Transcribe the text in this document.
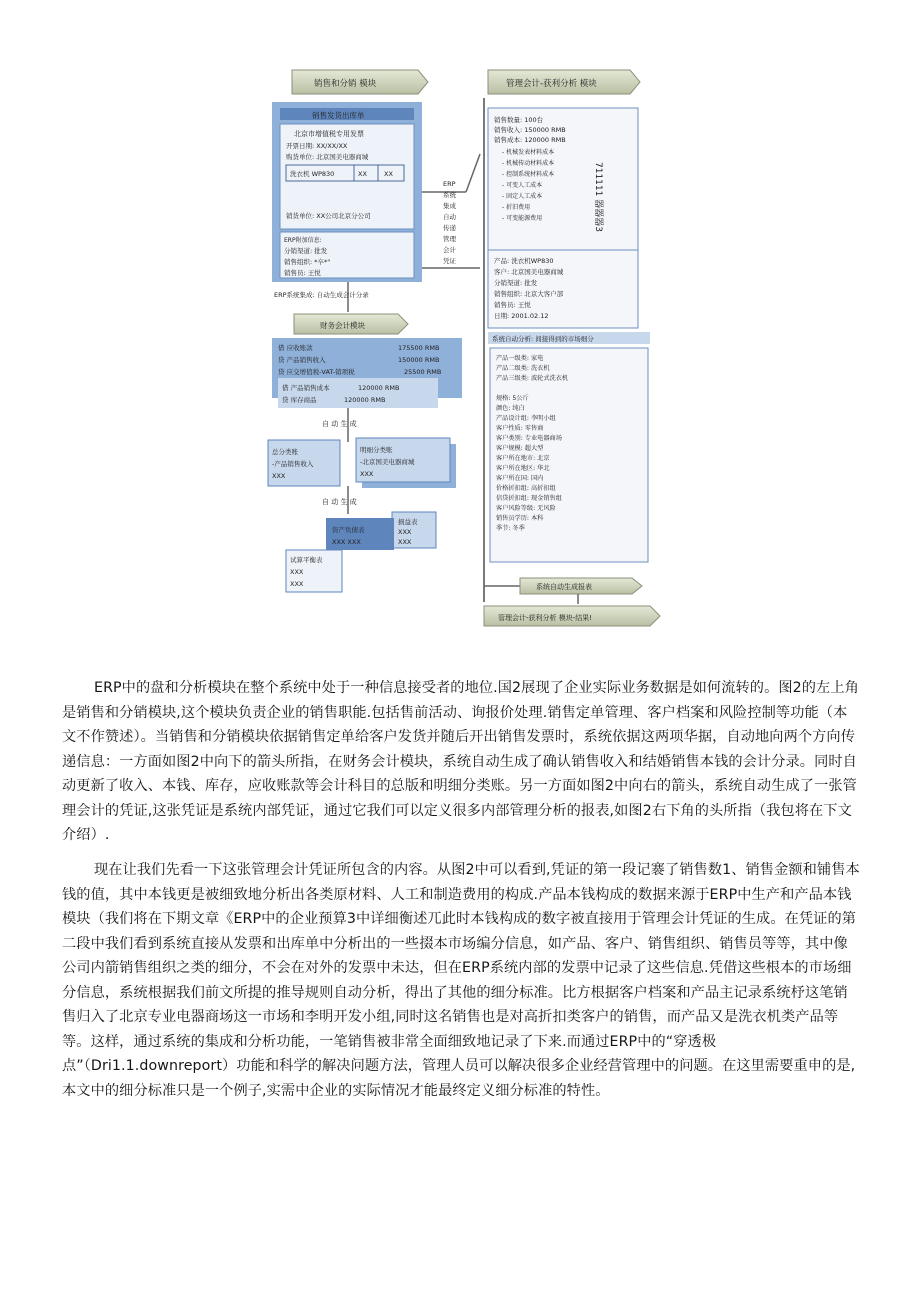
销售和分销 模块	管理会计-获利分析 模块
销售发货出库单
北京市增值税专用发票
开票日期: XX/XX/XX
购货单位: 北京国美电器商城
洗衣机 WP830	XX	XX
销货单位: XX公司北京分公司
ERP附加信息:
分销渠道: 批发
销售组织: *卒*"
销售员: 王悦
ERP
系统
集成
自动
传递
管理
会计
凭证
销售数量: 100台
销售收入: 150000 RMB
销售成本: 120000 RMB
- 机械发表材料成本
- 机械传动材料成本
- 控制系统材料成本
- 可变人工成本
- 固定人工成本
- 折旧费用
- 可变能源费用	711111 器器器3
产品: 洗衣机WP830
客户: 北京国美电器商城
分销渠道: 批发
销售组织: 北京大客户部
销售员: 王悦
日期: 2001.02.12
ERP系统集成: 自动生成会计分录
财务会计模块
借 应收账款	175500 RMB
贷 产品销售收入	150000 RMB
贷 应交增值税-VAT-销项税	25500 RMB
借 产品销售成本	120000 RMB
贷 库存商品	120000 RMB
自 动 生 成
总分类账
-产品销售收入
XXX
明细分类账
-北京国美电器商城
XXX
自 动 生 成
损益表
XXX
XXX
资产负债表
XXX XXX
试算平衡表
XXX
XXX
系统自动分析: 间接得到的市场细分
产品一级类: 家电
产品二级类: 洗衣机
产品三级类: 波轮式洗衣机
规格: 5公斤
颜色: 纯白
产品设计组: 李明小组
客户性质: 零售商
客户类别: 专业电器商场
客户规模: 超大型
客户所在地市: 北京
客户所在地区: 华北
客户所在国: 国内
价格折扣组: 高折扣组
信贷折扣组: 现金销售组
客户风险等级: 无风险
销售员学历: 本科
季节: 冬季
系统自动生成报表
管理会计-获利分析 模块-结果!

ERP中的盘和分析模块在整个系统中处于一种信息接受者的地位.国2展现了企业实际业务数据是如何流转的。图2的左上角是销售和分销模块,这个模块负责企业的销售职能.包括售前活动、询报价处理.销售定单管理、客户档案和风险控制等功能（本文不作赞述）。当销售和分销模块依据销售定单给客户发货并随后开出销售发票时，系统依据这两项华据，自动地向两个方向传递信息：一方面如图2中向下的箭头所指，在财务会计模块，系统自动生成了确认销售收入和结婚销售本钱的会计分录。同时自动更新了收入、本钱、库存，应收账款等会计科目的总版和明细分类账。另一方面如图2中向右的箭头，系统自动生成了一张管理会计的凭证,这张凭证是系统内部凭证，通过它我们可以定义很多内部管理分析的报表,如图2右下角的头所指（我包将在下文介绍）.

现在让我们先看一下这张管理会计凭证所包含的内容。从图2中可以看到,凭证的第一段记褰了销售数1、销售金额和铺售本钱的值，其中本钱更是被细致地分析出各类原材料、人工和制造费用的构成.产品本钱构成的数据来源于ERP中生产和产品本钱模块（我们将在下期文章《ERP中的企业预算3中详细衡述兀此时本钱构成的数字被直接用于管理会计凭证的生成。在凭证的第二段中我们看到系统直接从发票和出库单中分析出的一些掇本市场编分信息，如产品、客户、销售组织、销售员等等，其中像公司内箭销售组织之类的细分，不会在对外的发票中未达，但在ERP系统内部的发票中记录了这些信息.凭借这些根本的市场细分信息，系统根据我们前文所提的推导规则自动分析，得出了其他的细分标准。比方根据客户档案和产品主记录系统杼这笔销售归入了北京专业电器商场这一市场和李明开发小组,同时这名销售也是对高折扣类客户的销售，而产品又是洗衣机类产品等等。这样，通过系统的集成和分析功能，一笔销售被非常全面细致地记录了下来.而通过ERP中的“穿透极点”（Dri1.1.downreport）功能和科学的解决问题方法，管理人员可以解决很多企业经营管理中的问题。在这里需要重申的是,本文中的细分标准只是一个例子,实需中企业的实际情况才能最终定义细分标准的特性。
